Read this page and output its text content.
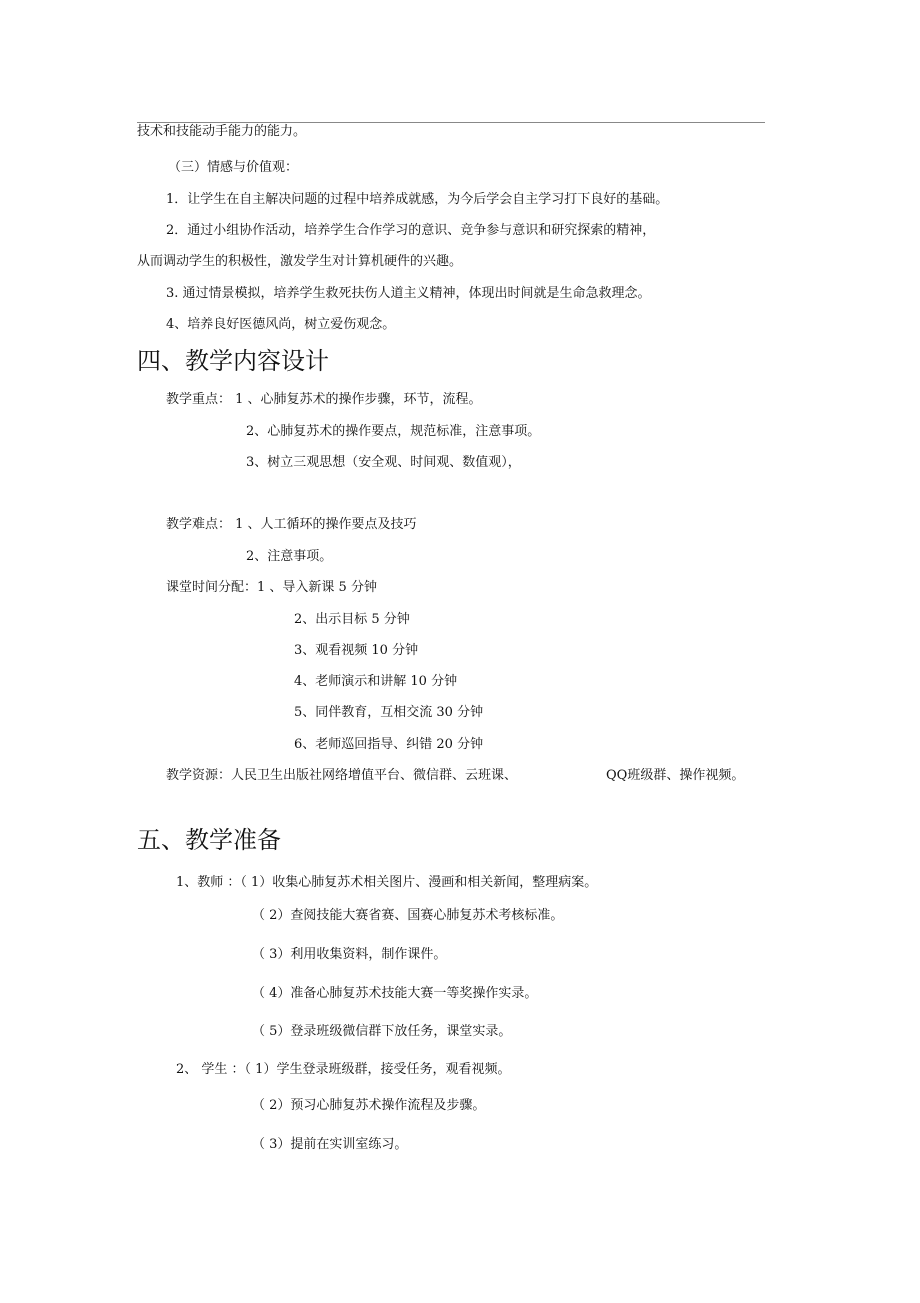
技术和技能动手能力的能力。
（三）情感与价值观：
1．让学生在自主解决问题的过程中培养成就感，为今后学会自主学习打下良好的基础。
2．通过小组协作活动，培养学生合作学习的意识、竞争参与意识和研究探索的精神，
从而调动学生的积极性，激发学生对计算机硬件的兴趣。
3. 通过情景模拟，培养学生救死扶伤人道主义精神，体现出时间就是生命急救理念。
4、培养良好医德风尚，树立爱伤观念。
四、教学内容设计
教学重点： 1 、心肺复苏术的操作步骤，环节，流程。
2、心肺复苏术的操作要点，规范标准，注意事项。
3、树立三观思想（安全观、时间观、数值观），
教学难点： 1 、人工循环的操作要点及技巧
2、注意事项。
课堂时间分配：1 、导入新课 5 分钟
2、出示目标 5 分钟
3、观看视频 10 分钟
4、老师演示和讲解 10 分钟
5、同伴教育，互相交流 30 分钟
6、老师巡回指导、纠错 20 分钟
教学资源：人民卫生出版社网络增值平台、微信群、云班课、	QQ班级群、操作视频。
五、教学准备
1、教师 ：（ 1）收集心肺复苏术相关图片、漫画和相关新闻，整理病案。
（ 2）查阅技能大赛省赛、国赛心肺复苏术考核标准。
（ 3）利用收集资料，制作课件。
（ 4）准备心肺复苏术技能大赛一等奖操作实录。
（ 5）登录班级微信群下放任务，课堂实录。
2、 学生 ：（ 1）学生登录班级群，接受任务，观看视频。
（ 2）预习心肺复苏术操作流程及步骤。
（ 3）提前在实训室练习。
